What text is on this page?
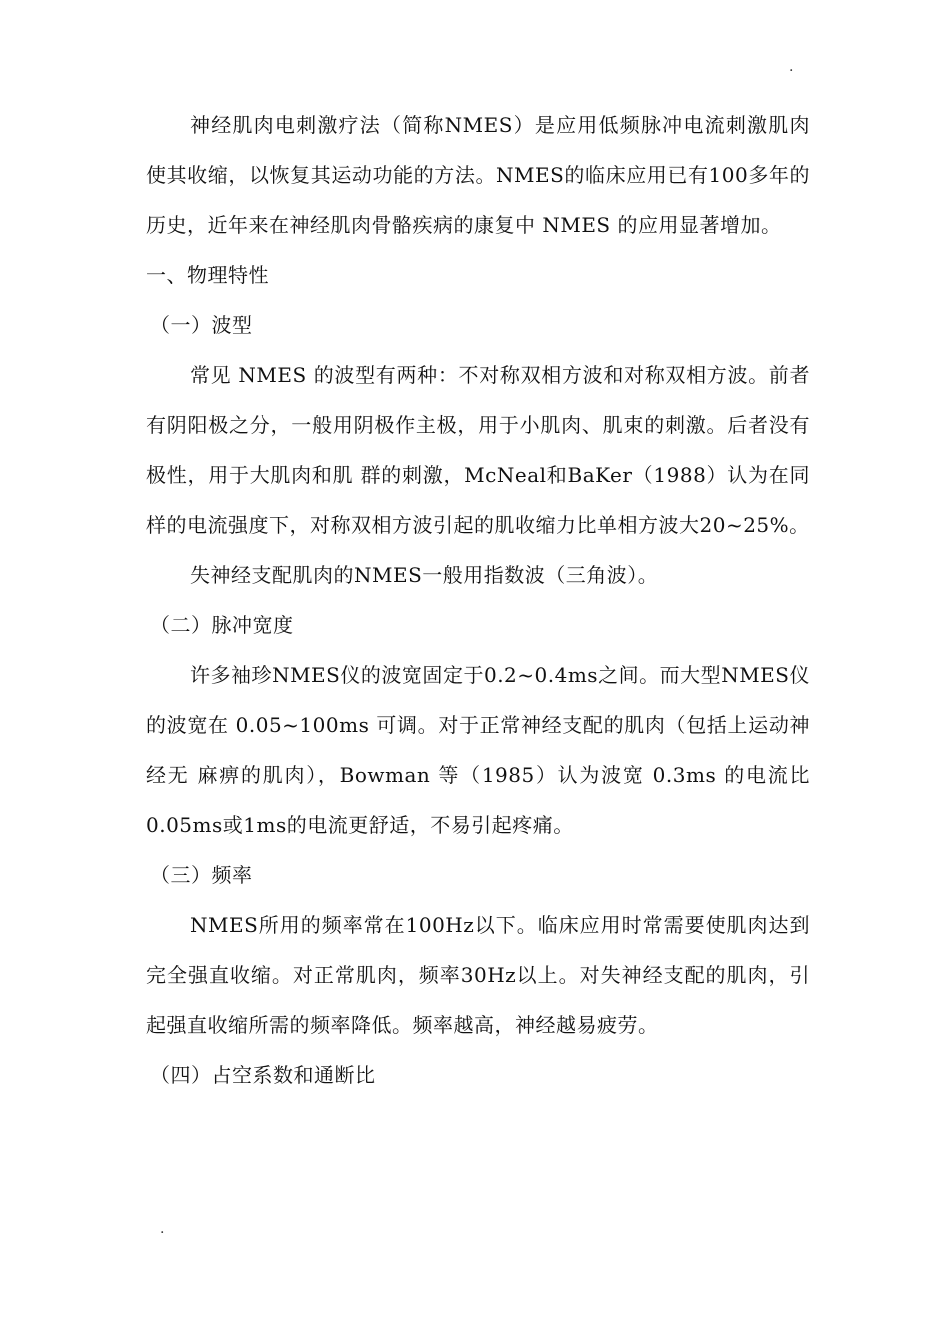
.

神经肌肉电刺激疗法（简称NMES）是应用低频脉冲电流刺激肌肉使其收缩，以恢复其运动功能的方法。NMES的临床应用已有100多年的历史，近年来在神经肌肉骨骼疾病的康复中 NMES 的应用显著增加。

一、物理特性

（一）波型

常见 NMES 的波型有两种：不对称双相方波和对称双相方波。前者有阴阳极之分，一般用阴极作主极，用于小肌肉、肌束的刺激。后者没有极性，用于大肌肉和肌 群的刺激，McNeal和BaKer（1988）认为在同样的电流强度下，对称双相方波引起的肌收缩力比单相方波大20~25%。

失神经支配肌肉的NMES一般用指数波（三角波）。

（二）脉冲宽度

许多袖珍NMES仪的波宽固定于0.2~0.4ms之间。而大型NMES仪的波宽在 0.05~100ms 可调。对于正常神经支配的肌肉（包括上运动神经无 麻痹的肌肉），Bowman 等（1985）认为波宽 0.3ms 的电流比0.05ms或1ms的电流更舒适，不易引起疼痛。

（三）频率

NMES所用的频率常在100Hz以下。临床应用时常需要使肌肉达到完全强直收缩。对正常肌肉，频率30Hz以上。对失神经支配的肌肉，引起强直收缩所需的频率降低。频率越高，神经越易疲劳。

（四）占空系数和通断比

.
